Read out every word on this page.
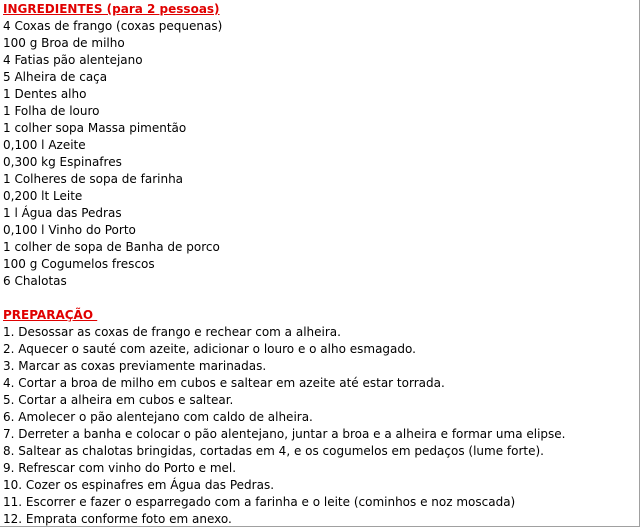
INGREDIENTES (para 2 pessoas)
4 Coxas de frango (coxas pequenas)
100 g Broa de milho
4 Fatias pão alentejano
5 Alheira de caça
1 Dentes alho
1 Folha de louro
1 colher sopa Massa pimentão
0,100 l Azeite
0,300 kg Espinafres
1 Colheres de sopa de farinha
0,200 lt Leite
1 l Água das Pedras
0,100 l Vinho do Porto
1 colher de sopa de Banha de porco
100 g Cogumelos frescos
6 Chalotas
PREPARAÇÃO
1. Desossar as coxas de frango e rechear com a alheira.
2. Aquecer o sauté com azeite, adicionar o louro e o alho esmagado.
3. Marcar as coxas previamente marinadas.
4. Cortar a broa de milho em cubos e saltear em azeite até estar torrada.
5. Cortar a alheira em cubos e saltear.
6. Amolecer o pão alentejano com caldo de alheira.
7. Derreter a banha e colocar o pão alentejano, juntar a broa e a alheira e formar uma elipse.
8. Saltear as chalotas bringidas, cortadas em 4, e os cogumelos em pedaços (lume forte).
9. Refrescar com vinho do Porto e mel.
10. Cozer os espinafres em Água das Pedras.
11. Escorrer e fazer o esparregado com a farinha e o leite (cominhos e noz moscada)
12. Emprata conforme foto em anexo.
